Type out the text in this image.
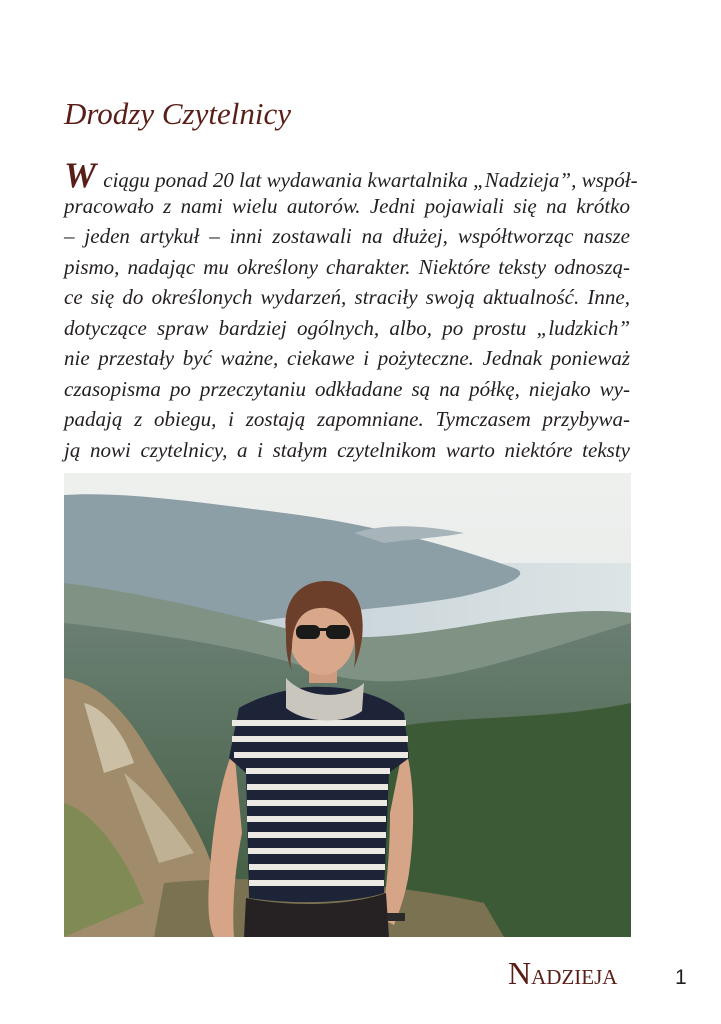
Drodzy Czytelnicy
W ciągu ponad 20 lat wydawania kwartalnika „Nadzieja”, współ-
pracowało z nami wielu autorów. Jedni pojawiali się na krótko
– jeden artykuł – inni zostawali na dłużej, współtworząc nasze
pismo, nadając mu określony charakter. Niektóre teksty odnoszą-
ce się do określonych wydarzeń, straciły swoją aktualność. Inne,
dotyczące spraw bardziej ogólnych, albo, po prostu „ludzkich”
nie przestały być ważne, ciekawe i pożyteczne. Jednak ponieważ
czasopisma po przeczytaniu odkładane są na półkę, niejako wy-
padają z obiegu, i zostają zapomniane. Tymczasem przybywa-
ją nowi czytelnicy, a i stałym czytelnikom warto niektóre teksty
NADZIEJA	1
